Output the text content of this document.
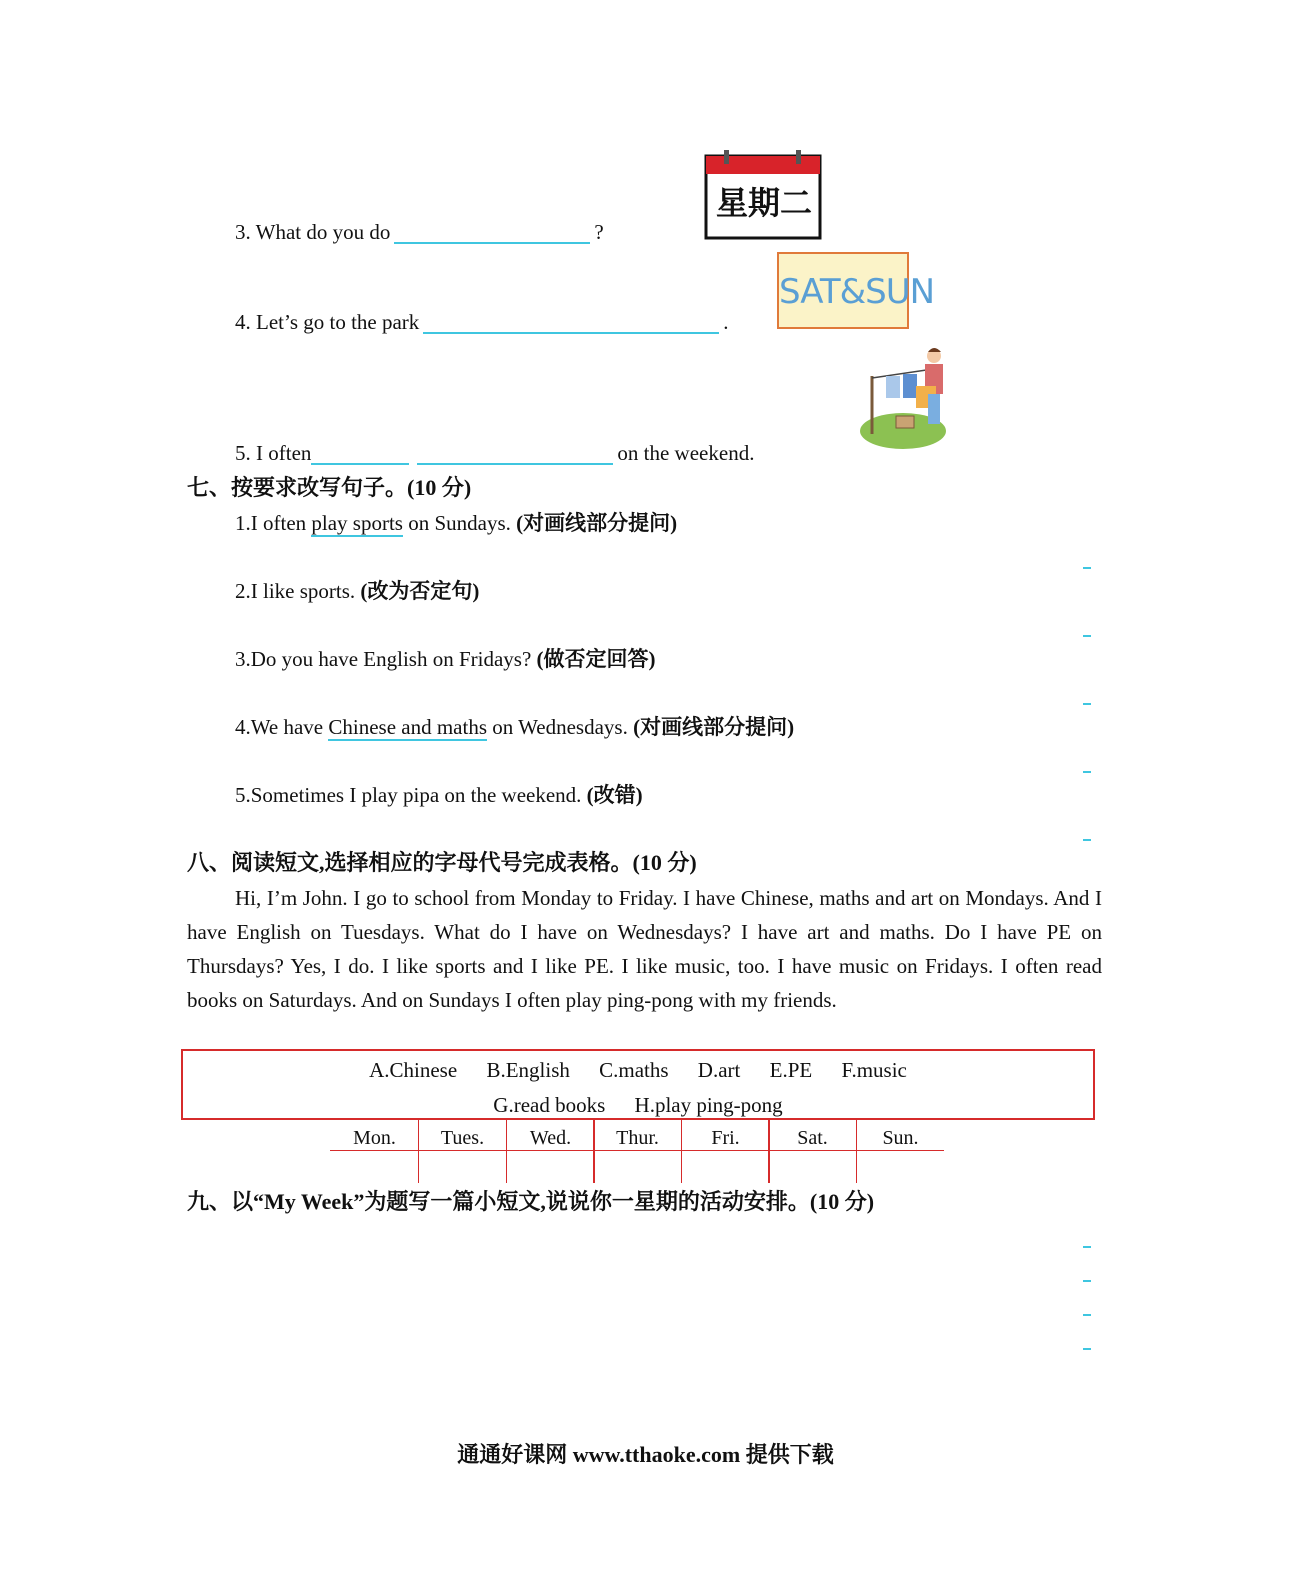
3. What do you do	?
星期二
4. Let’s go to the park	.
SAT&SUN
5. I often	on the weekend.
七、按要求改写句子。(10 分)
1.I often play sports on Sundays. (对画线部分提问)
2.I like sports. (改为否定句)
3.Do you have English on Fridays? (做否定回答)
4.We have Chinese and maths on Wednesdays. (对画线部分提问)
5.Sometimes I play pipa on the weekend. (改错)
八、阅读短文,选择相应的字母代号完成表格。(10 分)
Hi, I’m John. I go to school from Monday to Friday. I have Chinese, maths and art on Mondays. And I have English on Tuesdays. What do I have on Wednesdays? I have art and maths. Do I have PE on Thursdays? Yes, I do. I like sports and I like PE. I like music, too. I have music on Fridays. I often read books on Saturdays. And on Sundays I often play ping-pong with my friends.
A.Chinese B.English C.maths D.art E.PE F.music
G.read books H.play ping-pong
Mon.	Tues.	Wed.	Thur.	Fri.	Sat.	Sun.
九、以“My Week”为题写一篇小短文,说说你一星期的活动安排。(10 分)
通通好课网 www.tthaoke.com 提供下载
